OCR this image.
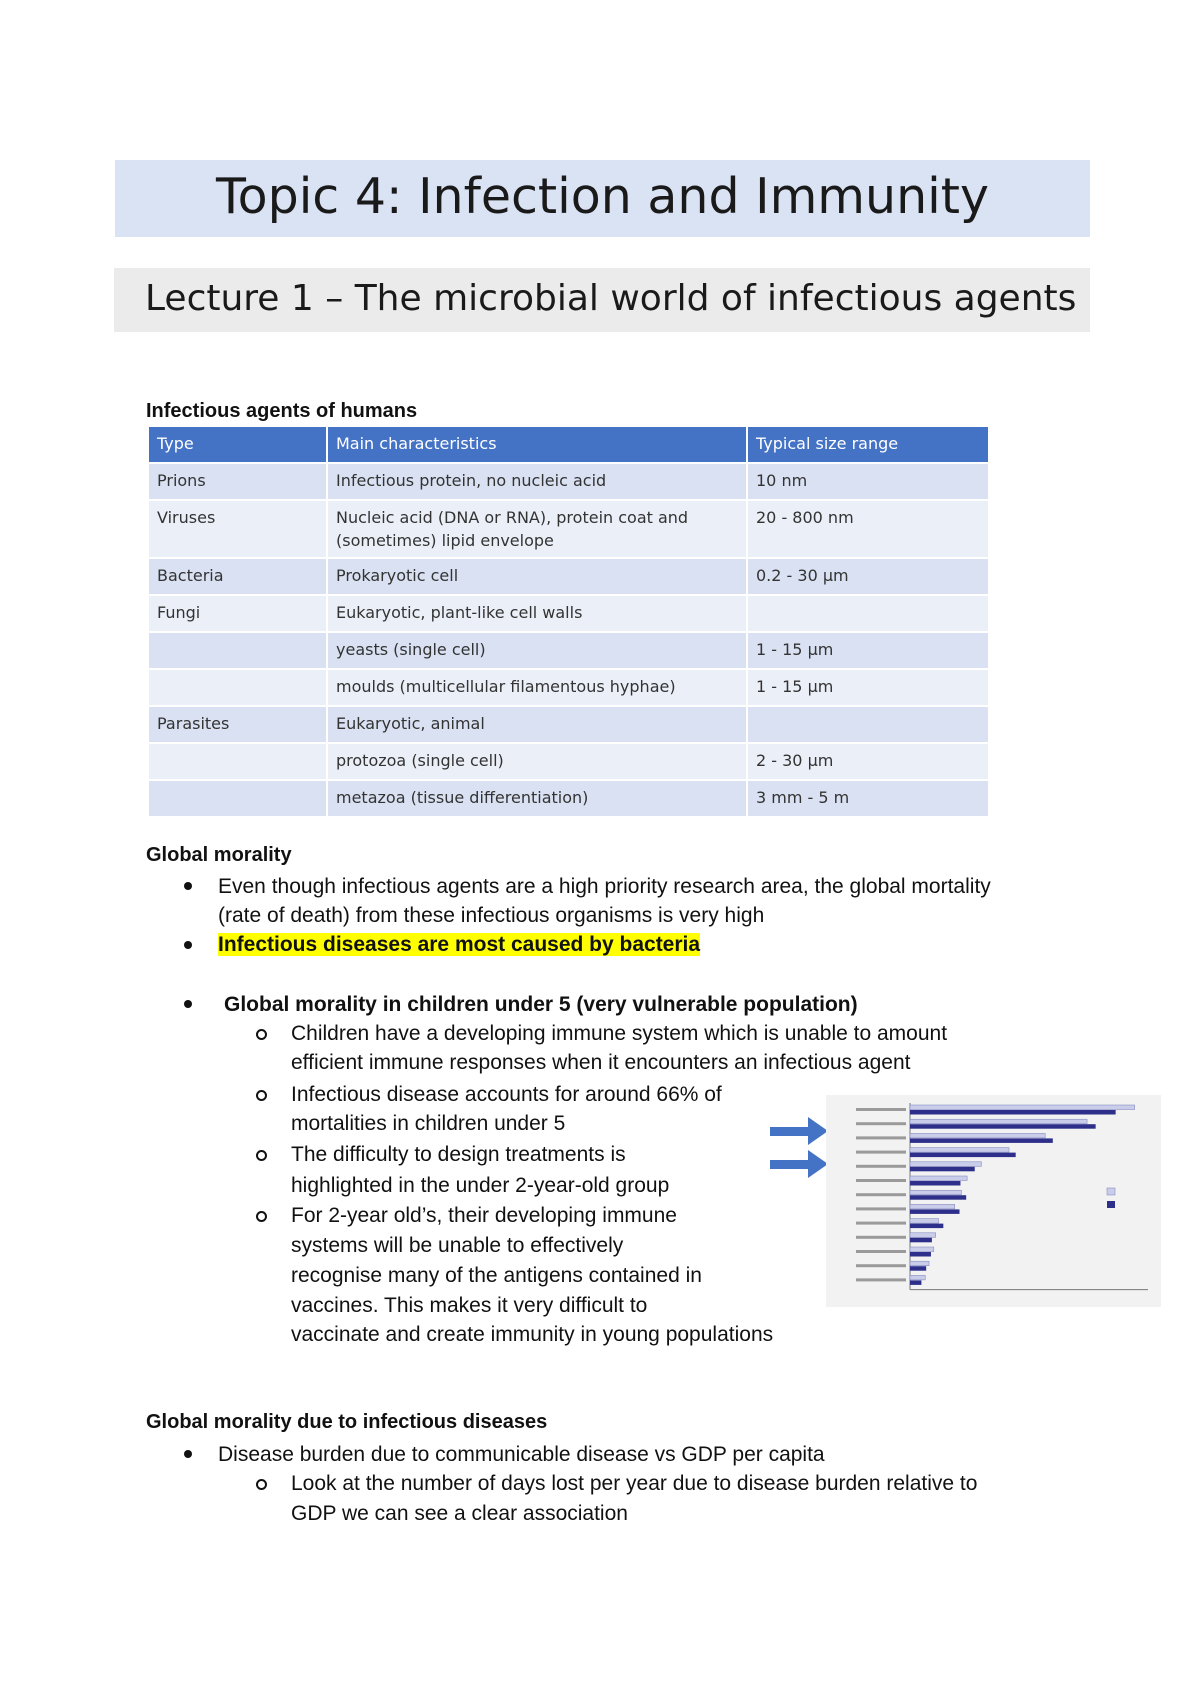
Topic 4: Infection and Immunity
Lecture 1 – The microbial world of infectious agents
Infectious agents of humans
Type	Main characteristics	Typical size range
Prions	Infectious protein, no nucleic acid	10 nm
Viruses	Nucleic acid (DNA or RNA), protein coat and (sometimes) lipid envelope	20 - 800 nm
Bacteria	Prokaryotic cell	0.2 - 30 µm
Fungi	Eukaryotic, plant-like cell walls	
	yeasts (single cell)	1 - 15 µm
	moulds (multicellular filamentous hyphae)	1 - 15 µm
Parasites	Eukaryotic, animal	
	protozoa (single cell)	2 - 30 µm
	metazoa (tissue differentiation)	3 mm - 5 m
Global morality
Even though infectious agents are a high priority research area, the global mortality
(rate of death) from these infectious organisms is very high
Infectious diseases are most caused by bacteria
Global morality in children under 5 (very vulnerable population)
Children have a developing immune system which is unable to amount
efficient immune responses when it encounters an infectious agent
Infectious disease accounts for around 66% of
mortalities in children under 5
The difficulty to design treatments is
highlighted in the under 2-year-old group
For 2-year old’s, their developing immune
systems will be unable to effectively
recognise many of the antigens contained in
vaccines. This makes it very difficult to
vaccinate and create immunity in young populations
Global morality due to infectious diseases
Disease burden due to communicable disease vs GDP per capita
Look at the number of days lost per year due to disease burden relative to
GDP we can see a clear association
